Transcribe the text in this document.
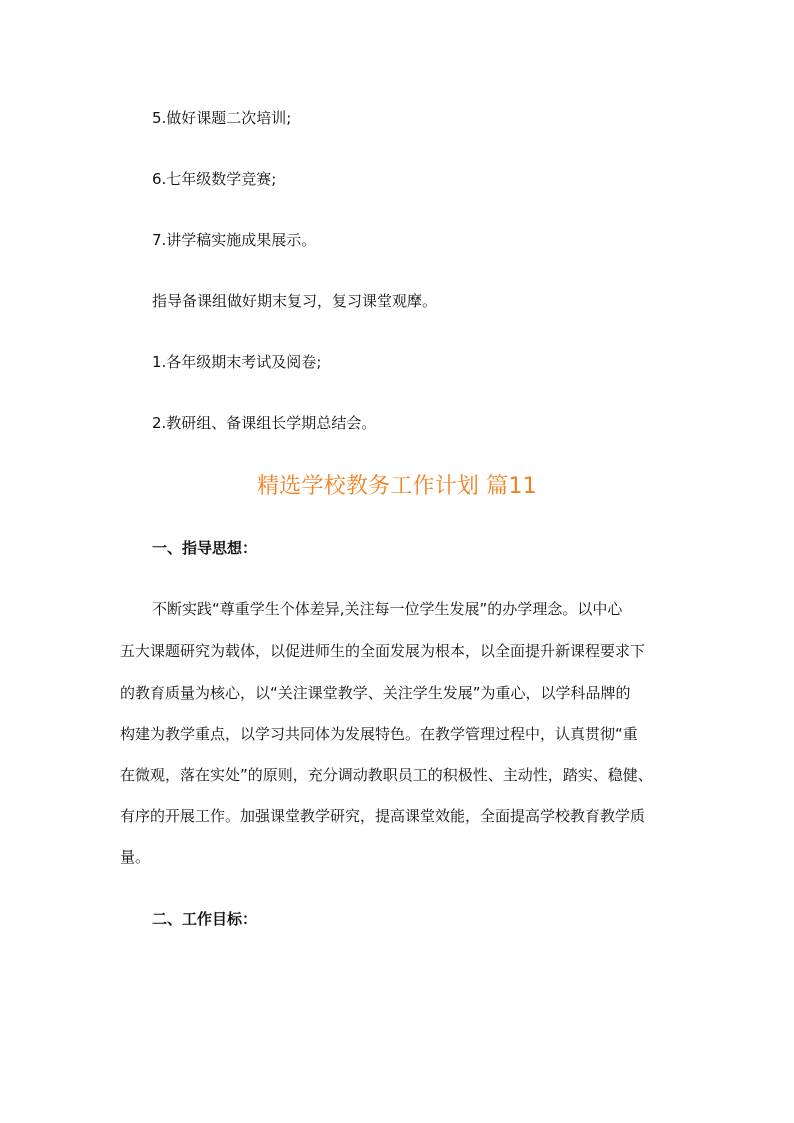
5.做好课题二次培训;
6.七年级数学竞赛;
7.讲学稿实施成果展示。
指导备课组做好期末复习，复习课堂观摩。
1.各年级期末考试及阅卷;
2.教研组、备课组长学期总结会。
精选学校教务工作计划 篇11
一、指导思想：
不断实践“尊重学生个体差异,关注每一位学生发展”的办学理念。以中心
五大课题研究为载体，以促进师生的全面发展为根本，以全面提升新课程要求下
的教育质量为核心，以“关注课堂教学、关注学生发展”为重心，以学科品牌的
构建为教学重点，以学习共同体为发展特色。在教学管理过程中，认真贯彻“重
在微观，落在实处”的原则，充分调动教职员工的积极性、主动性，踏实、稳健、
有序的开展工作。加强课堂教学研究，提高课堂效能，全面提高学校教育教学质
量。
二、工作目标：
